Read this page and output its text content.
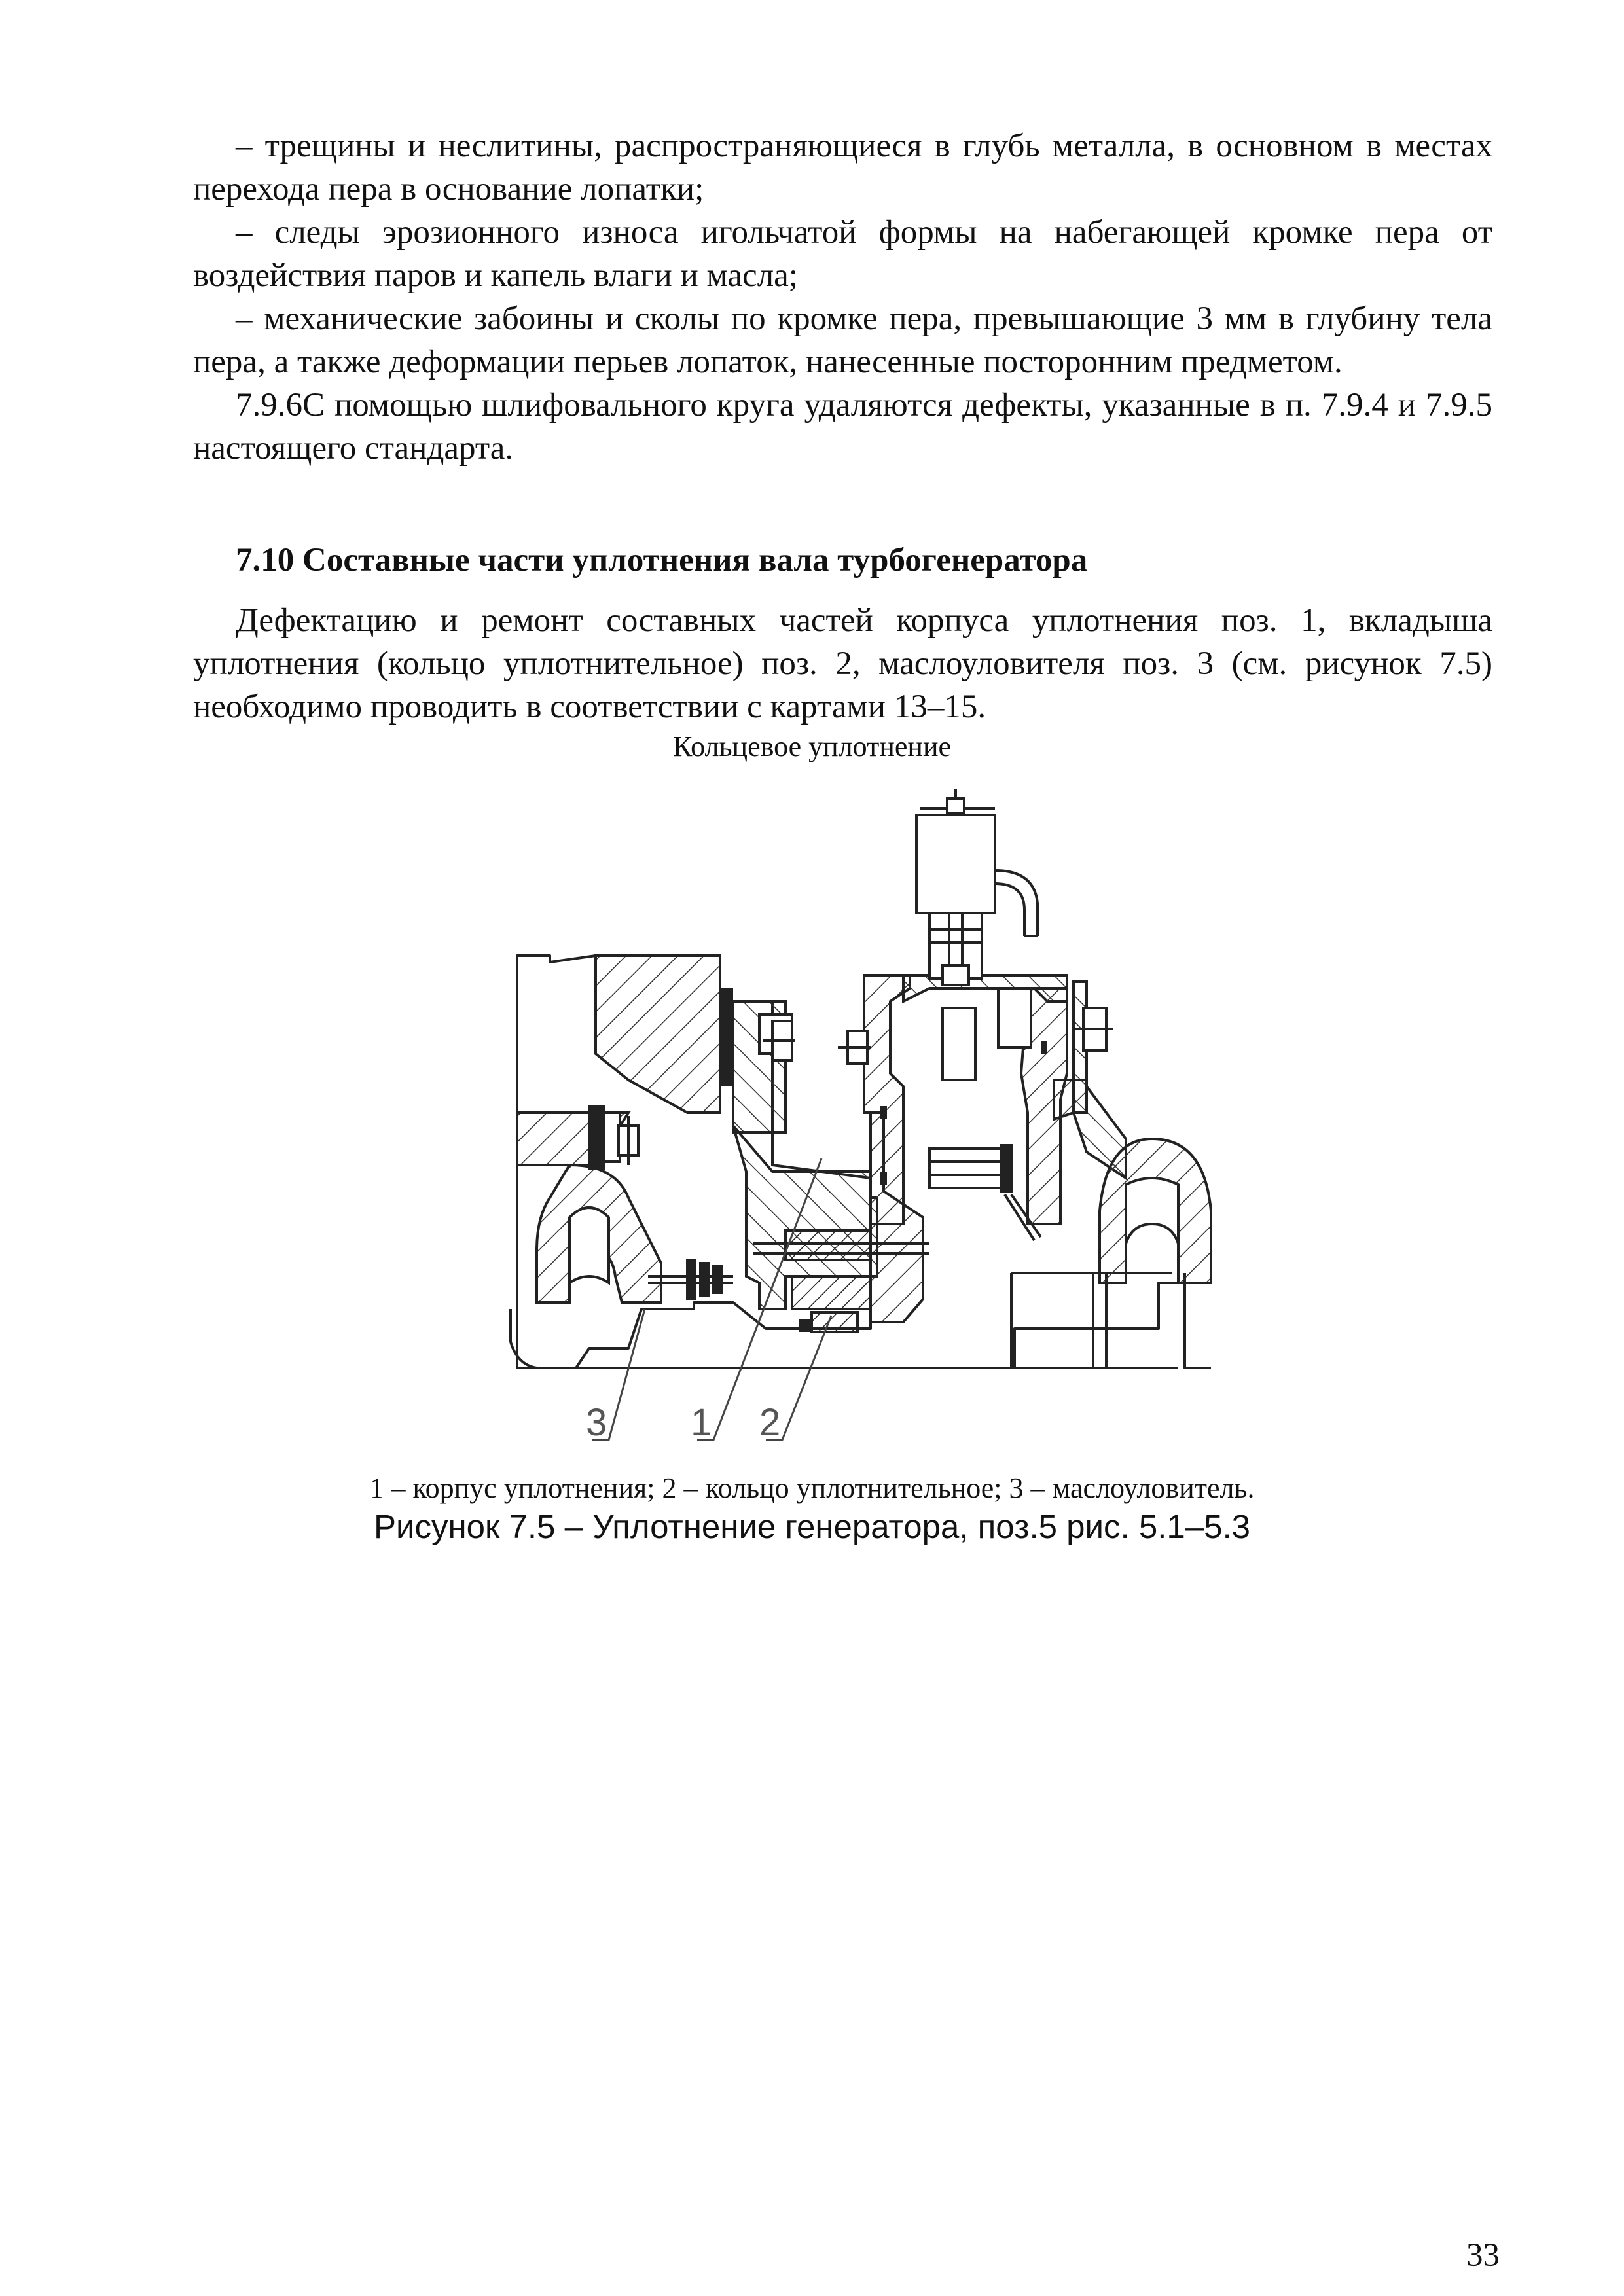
– трещины и неслитины, распространяющиеся в глубь металла, в основном в местах перехода пера в основание лопатки;

– следы эрозионного износа игольчатой формы на набегающей кромке пера от воздействия паров и капель влаги и масла;

– механические забоины и сколы по кромке пера, превышающие 3 мм в глубину тела пера, а также деформации перьев лопаток, нанесенные посторонним предметом.

7.9.6С помощью шлифовального круга удаляются дефекты, указанные в п. 7.9.4 и 7.9.5 настоящего стандарта.

7.10 Составные части уплотнения вала турбогенератора

Дефектацию и ремонт составных частей корпуса уплотнения поз. 1, вкладыша уплотнения (кольцо уплотнительное) поз. 2, маслоуловителя поз. 3 (см. рисунок 7.5) необходимо проводить в соответствии с картами 13–15.

Кольцевое уплотнение
3 1 2
1 – корпус уплотнения; 2 – кольцо уплотнительное; 3 – маслоуловитель.
Рисунок 7.5 – Уплотнение генератора, поз.5 рис. 5.1–5.3
33
